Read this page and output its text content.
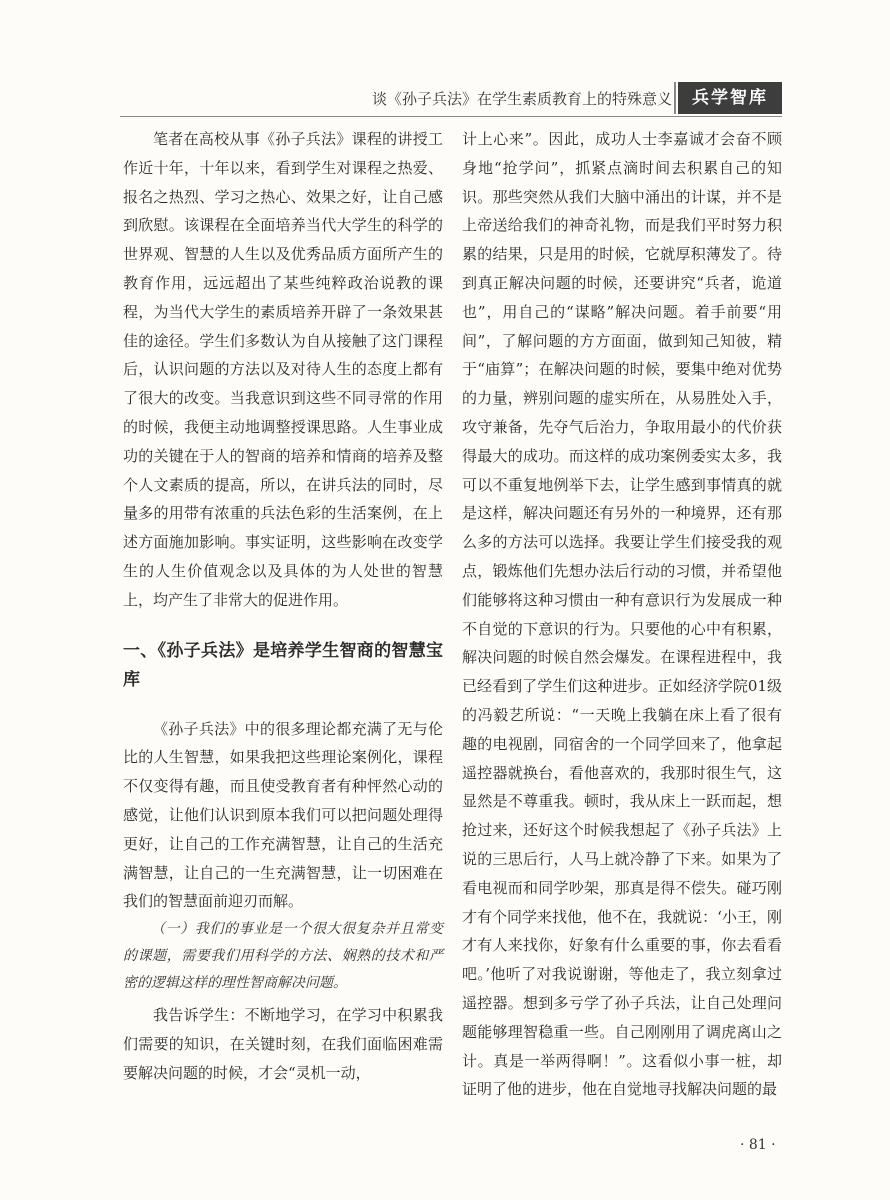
谈《孙子兵法》在学生素质教育上的特殊意义	兵学智库

笔者在高校从事《孙子兵法》课程的讲授工作近十年，十年以来，看到学生对课程之热爱、报名之热烈、学习之热心、效果之好，让自己感到欣慰。该课程在全面培养当代大学生的科学的世界观、智慧的人生以及优秀品质方面所产生的教育作用，远远超出了某些纯粹政治说教的课程，为当代大学生的素质培养开辟了一条效果甚佳的途径。学生们多数认为自从接触了这门课程后，认识问题的方法以及对待人生的态度上都有了很大的改变。当我意识到这些不同寻常的作用的时候，我便主动地调整授课思路。人生事业成功的关键在于人的智商的培养和情商的培养及整个人文素质的提高，所以，在讲兵法的同时，尽量多的用带有浓重的兵法色彩的生活案例，在上述方面施加影响。事实证明，这些影响在改变学生的人生价值观念以及具体的为人处世的智慧上，均产生了非常大的促进作用。

一、《孙子兵法》是培养学生智商的智慧宝库

《孙子兵法》中的很多理论都充满了无与伦比的人生智慧，如果我把这些理论案例化，课程不仅变得有趣，而且使受教育者有种怦然心动的感觉，让他们认识到原本我们可以把问题处理得更好，让自己的工作充满智慧，让自己的生活充满智慧，让自己的一生充满智慧，让一切困难在我们的智慧面前迎刃而解。

（一）我们的事业是一个很大很复杂并且常变的课题，需要我们用科学的方法、娴熟的技术和严密的逻辑这样的理性智商解决问题。

我告诉学生：不断地学习，在学习中积累我们需要的知识，在关键时刻，在我们面临困难需要解决问题的时候，才会“灵机一动，

计上心来”。因此，成功人士李嘉诚才会奋不顾身地“抢学问”，抓紧点滴时间去积累自己的知识。那些突然从我们大脑中涌出的计谋，并不是上帝送给我们的神奇礼物，而是我们平时努力积累的结果，只是用的时候，它就厚积薄发了。待到真正解决问题的时候，还要讲究“兵者，诡道也”，用自己的“谋略”解决问题。着手前要“用间”，了解问题的方方面面，做到知己知彼，精于“庙算”；在解决问题的时候，要集中绝对优势的力量，辨别问题的虚实所在，从易胜处入手，攻守兼备，先夺气后治力，争取用最小的代价获得最大的成功。而这样的成功案例委实太多，我可以不重复地例举下去，让学生感到事情真的就是这样，解决问题还有另外的一种境界，还有那么多的方法可以选择。我要让学生们接受我的观点，锻炼他们先想办法后行动的习惯，并希望他们能够将这种习惯由一种有意识行为发展成一种不自觉的下意识的行为。只要他的心中有积累，解决问题的时候自然会爆发。在课程进程中，我已经看到了学生们这种进步。正如经济学院01级的冯毅艺所说：“一天晚上我躺在床上看了很有趣的电视剧，同宿舍的一个同学回来了，他拿起遥控器就换台，看他喜欢的，我那时很生气，这显然是不尊重我。顿时，我从床上一跃而起，想抢过来，还好这个时候我想起了《孙子兵法》上说的三思后行，人马上就冷静了下来。如果为了看电视而和同学吵架，那真是得不偿失。碰巧刚才有个同学来找他，他不在，我就说：‘小王，刚才有人来找你，好象有什么重要的事，你去看看吧。’他听了对我说谢谢，等他走了，我立刻拿过遥控器。想到多亏学了孙子兵法，让自己处理问题能够理智稳重一些。自己刚刚用了调虎离山之计。真是一举两得啊！”。这看似小事一桩，却证明了他的进步，他在自觉地寻找解决问题的最

· 81 ·
